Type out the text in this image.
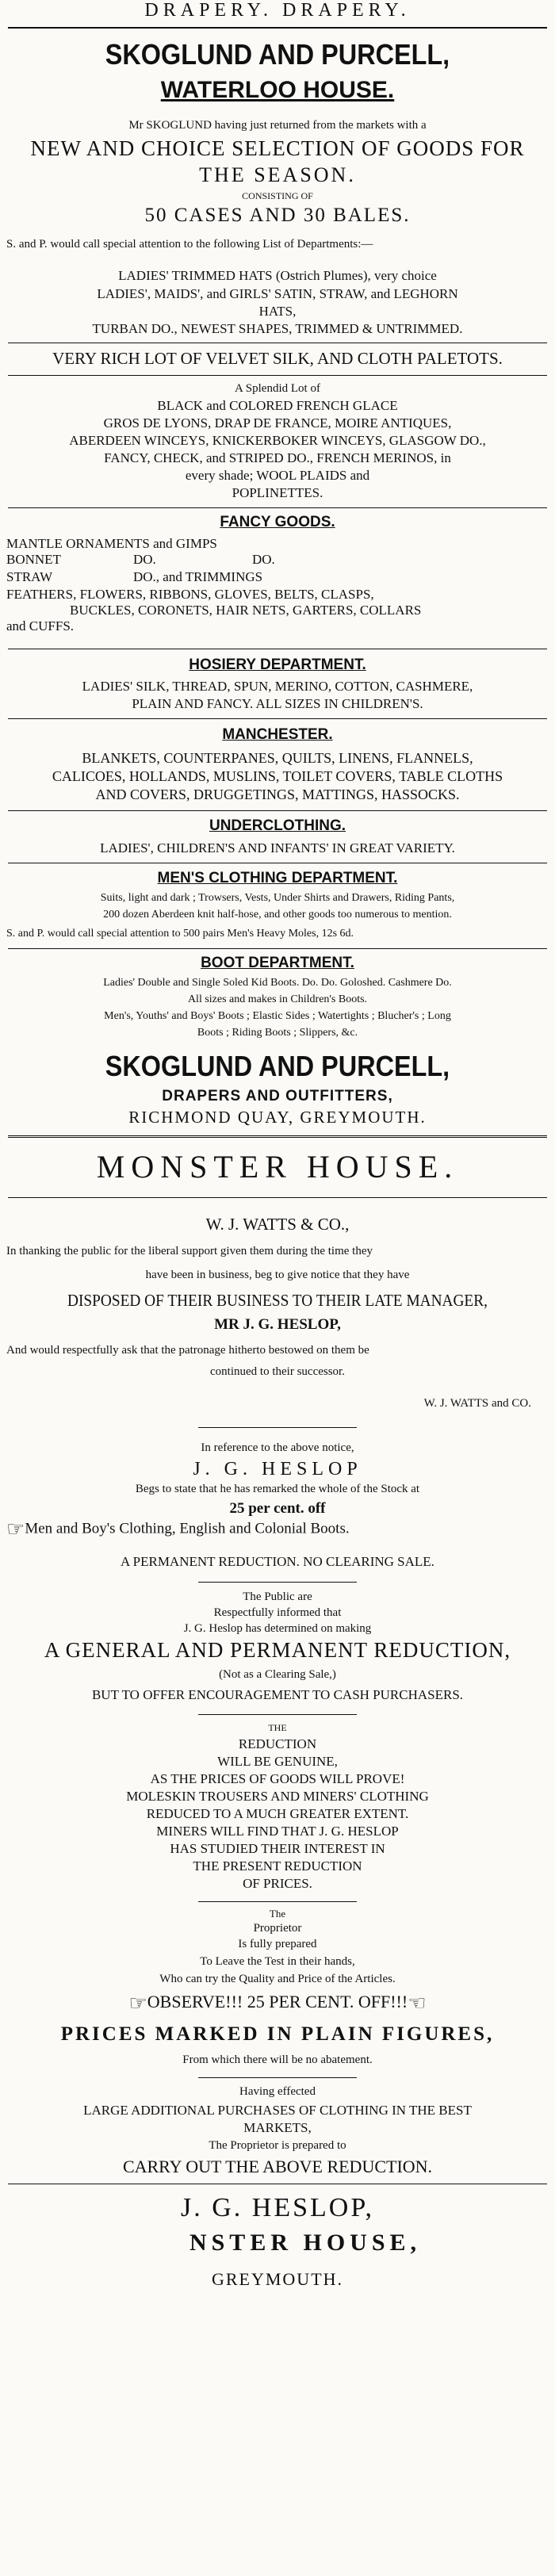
DRAPERY. DRAPERY.
SKOGLUND AND PURCELL,
WATERLOO HOUSE.
Mr SKOGLUND having just returned from the markets with a
NEW AND CHOICE SELECTION OF GOODS FOR
THE SEASON.
CONSISTING OF
50 CASES AND 30 BALES.
S. and P. would call special attention to the following List of Departments:—
LADIES' TRIMMED HATS (Ostrich Plumes), very choice
LADIES', MAIDS', and GIRLS' SATIN, STRAW, and LEGHORN
HATS,
TURBAN DO., NEWEST SHAPES, TRIMMED & UNTRIMMED.
VERY RICH LOT OF VELVET SILK, AND CLOTH PALETOTS.
A Splendid Lot of
BLACK and COLORED FRENCH GLACE
GROS DE LYONS, DRAP DE FRANCE, MOIRE ANTIQUES,
ABERDEEN WINCEYS, KNICKERBOKER WINCEYS, GLASGOW DO.,
FANCY, CHECK, and STRIPED DO., FRENCH MERINOS, in
every shade; WOOL PLAIDS and
POPLINETTES.
FANCY GOODS.
MANTLE ORNAMENTS and GIMPS
BONNET	DO.	DO.
STRAW	DO., and TRIMMINGS
FEATHERS, FLOWERS, RIBBONS, GLOVES, BELTS, CLASPS,
BUCKLES, CORONETS, HAIR NETS, GARTERS, COLLARS
and CUFFS.
HOSIERY DEPARTMENT.
LADIES' SILK, THREAD, SPUN, MERINO, COTTON, CASHMERE,
PLAIN AND FANCY. ALL SIZES IN CHILDREN'S.
MANCHESTER.
BLANKETS, COUNTERPANES, QUILTS, LINENS, FLANNELS,
CALICOES, HOLLANDS, MUSLINS, TOILET COVERS, TABLE CLOTHS
AND COVERS, DRUGGETINGS, MATTINGS, HASSOCKS.
UNDERCLOTHING.
LADIES', CHILDREN'S AND INFANTS' IN GREAT VARIETY.
MEN'S CLOTHING DEPARTMENT.
Suits, light and dark ; Trowsers, Vests, Under Shirts and Drawers, Riding Pants,
200 dozen Aberdeen knit half-hose, and other goods too numerous to mention.
S. and P. would call special attention to 500 pairs Men's Heavy Moles, 12s 6d.
BOOT DEPARTMENT.
Ladies' Double and Single Soled Kid Boots. Do. Do. Goloshed. Cashmere Do.
All sizes and makes in Children's Boots.
Men's, Youths' and Boys' Boots ; Elastic Sides ; Watertights ; Blucher's ; Long
Boots ; Riding Boots ; Slippers, &c.
SKOGLUND AND PURCELL,
DRAPERS AND OUTFITTERS,
RICHMOND QUAY, GREYMOUTH.
MONSTER HOUSE.
W. J. WATTS & CO.,
In thanking the public for the liberal support given them during the time they
have been in business, beg to give notice that they have
DISPOSED OF THEIR BUSINESS TO THEIR LATE MANAGER,
MR J. G. HESLOP,
And would respectfully ask that the patronage hitherto bestowed on them be
continued to their successor.
W. J. WATTS and CO.
In reference to the above notice,
J. G. HESLOP
Begs to state that he has remarked the whole of the Stock at
25 per cent. off
☞Men and Boy's Clothing, English and Colonial Boots.
A PERMANENT REDUCTION. NO CLEARING SALE.
The Public are
Respectfully informed that
J. G. Heslop has determined on making
A GENERAL AND PERMANENT REDUCTION,
(Not as a Clearing Sale,)
BUT TO OFFER ENCOURAGEMENT TO CASH PURCHASERS.
THE
REDUCTION
WILL BE GENUINE,
AS THE PRICES OF GOODS WILL PROVE!
MOLESKIN TROUSERS AND MINERS' CLOTHING
REDUCED TO A MUCH GREATER EXTENT.
MINERS WILL FIND THAT J. G. HESLOP
HAS STUDIED THEIR INTEREST IN
THE PRESENT REDUCTION
OF PRICES.
The
Proprietor
Is fully prepared
To Leave the Test in their hands,
Who can try the Quality and Price of the Articles.
☞OBSERVE!!! 25 PER CENT. OFF!!!☜
PRICES MARKED IN PLAIN FIGURES,
From which there will be no abatement.
Having effected
LARGE ADDITIONAL PURCHASES OF CLOTHING IN THE BEST
MARKETS,
The Proprietor is prepared to
CARRY OUT THE ABOVE REDUCTION.
J. G. HESLOP,
NSTER HOUSE,
GREYMOUTH.
